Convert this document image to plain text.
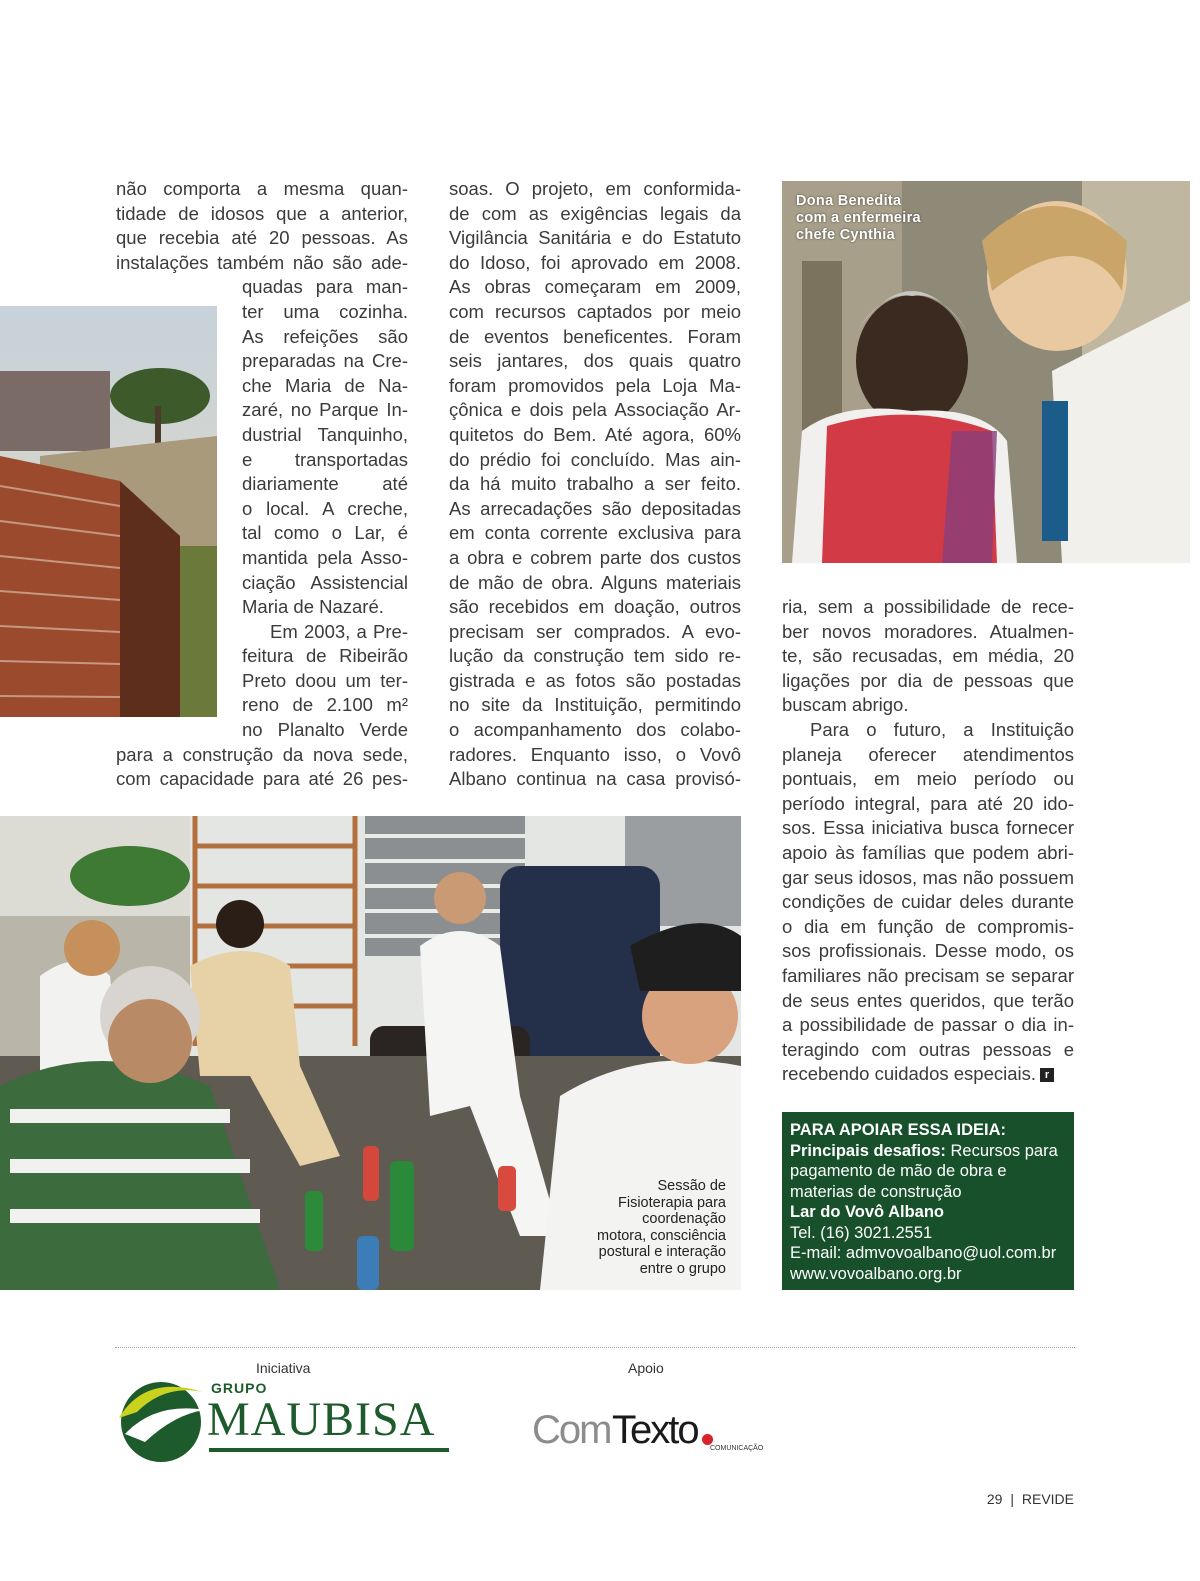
não comporta a mesma quan-
tidade de idosos que a anterior,
que recebia até 20 pessoas. As
instalações também não são ade-
quadas para man-
ter uma cozinha.
As refeições são
preparadas na Cre-
che Maria de Na-
zaré, no Parque In-
dustrial Tanquinho,
e transportadas
diariamente até
o local. A creche,
tal como o Lar, é
mantida pela Asso-
ciação Assistencial
Maria de Nazaré.
Em 2003, a Pre-
feitura de Ribeirão
Preto doou um ter-
reno de 2.100 m²
no Planalto Verde
para a construção da nova sede,
com capacidade para até 26 pes-
soas. O projeto, em conformida-
de com as exigências legais da
Vigilância Sanitária e do Estatuto
do Idoso, foi aprovado em 2008.
As obras começaram em 2009,
com recursos captados por meio
de eventos beneficentes. Foram
seis jantares, dos quais quatro
foram promovidos pela Loja Ma-
çônica e dois pela Associação Ar-
quitetos do Bem. Até agora, 60%
do prédio foi concluído. Mas ain-
da há muito trabalho a ser feito.
As arrecadações são depositadas
em conta corrente exclusiva para
a obra e cobrem parte dos custos
de mão de obra. Alguns materiais
são recebidos em doação, outros
precisam ser comprados. A evo-
lução da construção tem sido re-
gistrada e as fotos são postadas
no site da Instituição, permitindo
o acompanhamento dos colabo-
radores. Enquanto isso, o Vovô
Albano continua na casa provisó-
Dona Benedita
com a enfermeira
chefe Cynthia
ria, sem a possibilidade de rece-
ber novos moradores. Atualmen-
te, são recusadas, em média, 20
ligações por dia de pessoas que
buscam abrigo.
Para o futuro, a Instituição
planeja oferecer atendimentos
pontuais, em meio período ou
período integral, para até 20 ido-
sos. Essa iniciativa busca fornecer
apoio às famílias que podem abri-
gar seus idosos, mas não possuem
condições de cuidar deles durante
o dia em função de compromis-
sos profissionais. Desse modo, os
familiares não precisam se separar
de seus entes queridos, que terão
a possibilidade de passar o dia in-
teragindo com outras pessoas e
recebendo cuidados especiais. r
Sessão de
Fisioterapia para
coordenação
motora, consciência
postural e interação
entre o grupo
PARA APOIAR ESSA IDEIA:
Principais desafios: Recursos para pagamento de mão de obra e materias de construção
Lar do Vovô Albano
Tel. (16) 3021.2551
E-mail: admvovoalbano@uol.com.br
www.vovoalbano.org.br
Iniciativa	Apoio
GRUPO
MAUBISA Com Texto COMUNICAÇÃO
29 | REVIDE
